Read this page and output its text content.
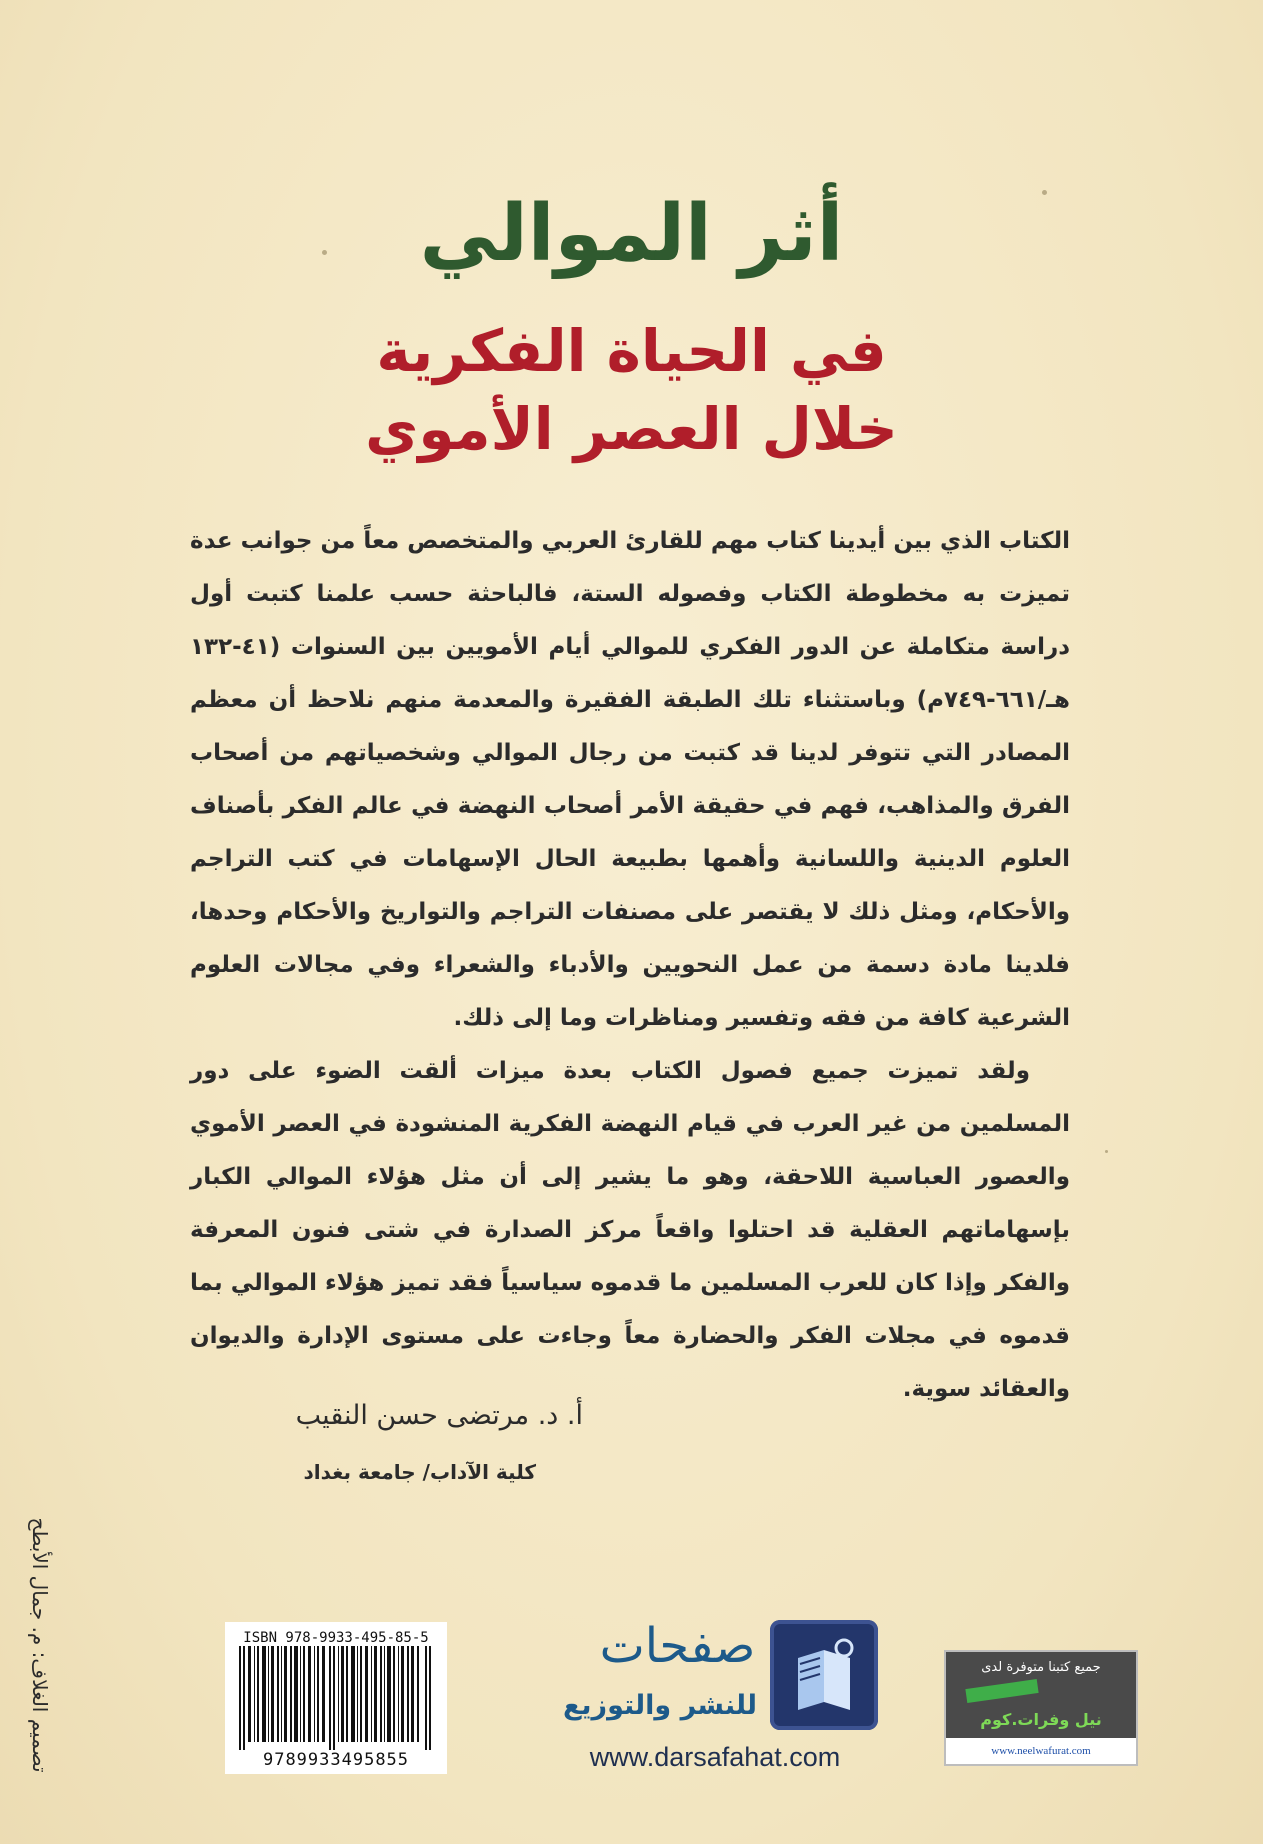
أثر الموالي
في الحياة الفكرية
خلال العصر الأموي

الكتاب الذي بين أيدينا كتاب مهم للقارئ العربي والمتخصص معاً من جوانب عدة تميزت به مخطوطة الكتاب وفصوله الستة، فالباحثة حسب علمنا كتبت أول دراسة متكاملة عن الدور الفكري للموالي أيام الأمويين بين السنوات (٤١-١٣٢ هـ/٦٦١-٧٤٩م) وباستثناء تلك الطبقة الفقيرة والمعدمة منهم نلاحظ أن معظم المصادر التي تتوفر لدينا قد كتبت من رجال الموالي وشخصياتهم من أصحاب الفرق والمذاهب، فهم في حقيقة الأمر أصحاب النهضة في عالم الفكر بأصناف العلوم الدينية واللسانية وأهمها بطبيعة الحال الإسهامات في كتب التراجم والأحكام، ومثل ذلك لا يقتصر على مصنفات التراجم والتواريخ والأحكام وحدها، فلدينا مادة دسمة من عمل النحويين والأدباء والشعراء وفي مجالات العلوم الشرعية كافة من فقه وتفسير ومناظرات وما إلى ذلك.

ولقد تميزت جميع فصول الكتاب بعدة ميزات ألقت الضوء على دور المسلمين من غير العرب في قيام النهضة الفكرية المنشودة في العصر الأموي والعصور العباسية اللاحقة، وهو ما يشير إلى أن مثل هؤلاء الموالي الكبار بإسهاماتهم العقلية قد احتلوا واقعاً مركز الصدارة في شتى فنون المعرفة والفكر وإذا كان للعرب المسلمين ما قدموه سياسياً فقد تميز هؤلاء الموالي بما قدموه في مجلات الفكر والحضارة معاً وجاءت على مستوى الإدارة والديوان والعقائد سوية.

أ. د. مرتضى حسن النقيب
كلية الآداب/ جامعة بغداد
تصميم الغلاف: م. جمال الأبطح	ISBN 978-9933-495-85-5
9789933495855
صفحات
للنشر والتوزيع
www.darsafahat.com
جميع كتبنا متوفرة لدى
نيل وفرات.كوم
www.neelwafurat.com
